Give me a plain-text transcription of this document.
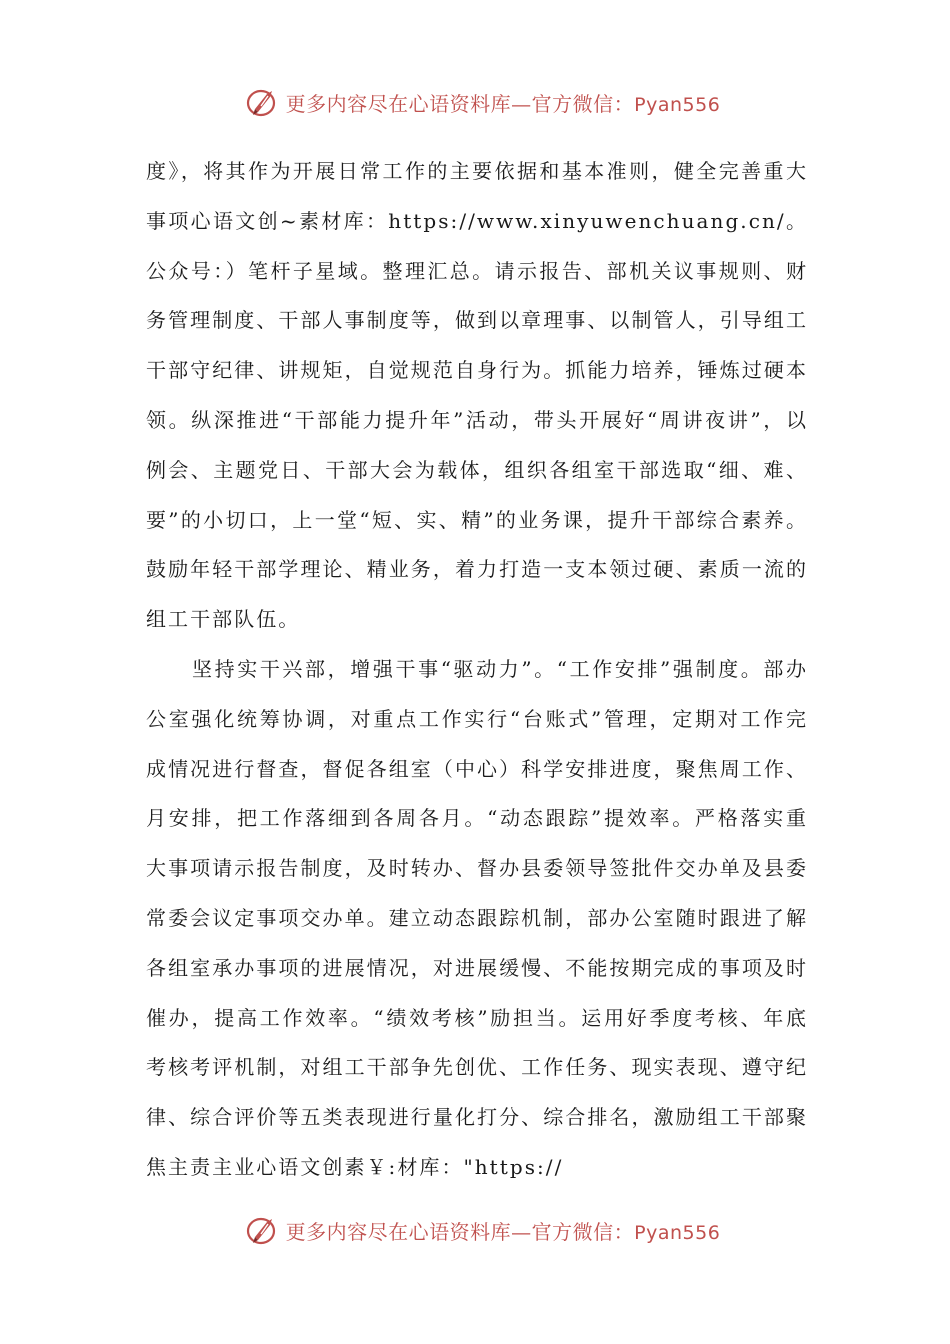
更多内容尽在心语资料库—官方微信：Pyan556

度》，将其作为开展日常工作的主要依据和基本准则，健全完善重大事项心语文创~素材库：https://www.xinyuwenchuang.cn/。公众号：）笔杆子星域。整理汇总。请示报告、部机关议事规则、财务管理制度、干部人事制度等，做到以章理事、以制管人，引导组工干部守纪律、讲规矩，自觉规范自身行为。抓能力培养，锤炼过硬本领。纵深推进“干部能力提升年”活动，带头开展好“周讲夜讲”，以例会、主题党日、干部大会为载体，组织各组室干部选取“细、难、要”的小切口，上一堂“短、实、精”的业务课，提升干部综合素养。鼓励年轻干部学理论、精业务，着力打造一支本领过硬、素质一流的组工干部队伍。

坚持实干兴部，增强干事“驱动力”。“工作安排”强制度。部办公室强化统筹协调，对重点工作实行“台账式”管理，定期对工作完成情况进行督查，督促各组室（中心）科学安排进度，聚焦周工作、月安排，把工作落细到各周各月。“动态跟踪”提效率。严格落实重大事项请示报告制度，及时转办、督办县委领导签批件交办单及县委常委会议定事项交办单。建立动态跟踪机制，部办公室随时跟进了解各组室承办事项的进展情况，对进展缓慢、不能按期完成的事项及时催办，提高工作效率。“绩效考核”励担当。运用好季度考核、年底考核考评机制，对组工干部争先创优、工作任务、现实表现、遵守纪律、综合评价等五类表现进行量化打分、综合排名，激励组工干部聚焦主责主业心语文创素￥:材库："https://

更多内容尽在心语资料库—官方微信：Pyan556
